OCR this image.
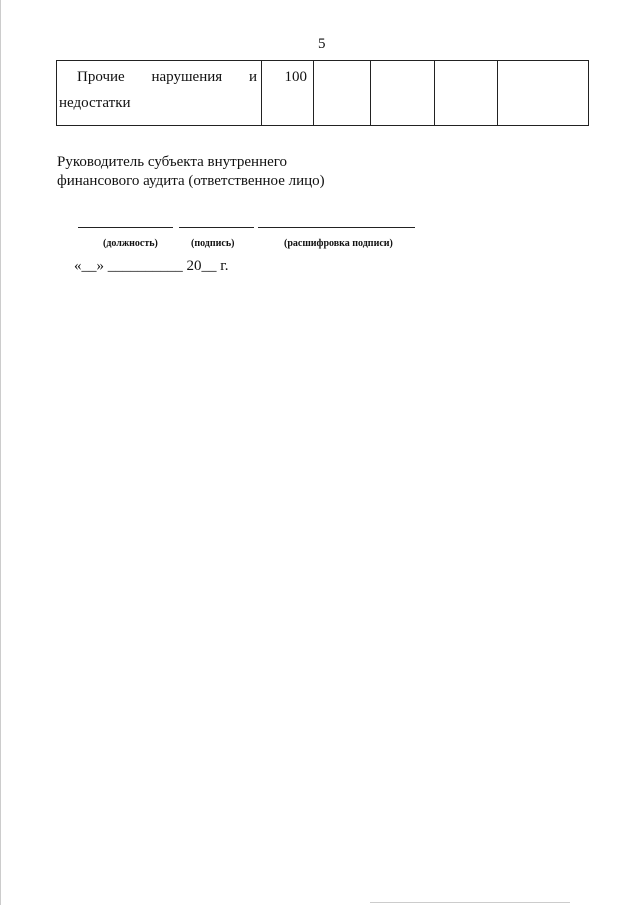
5
Прочие нарушения и
недостатки
	100				
Руководитель субъекта внутреннего
финансового аудита (ответственное лицо)
(должность)	(подпись)	(расшифровка подписи)
«__» __________ 20__ г.
